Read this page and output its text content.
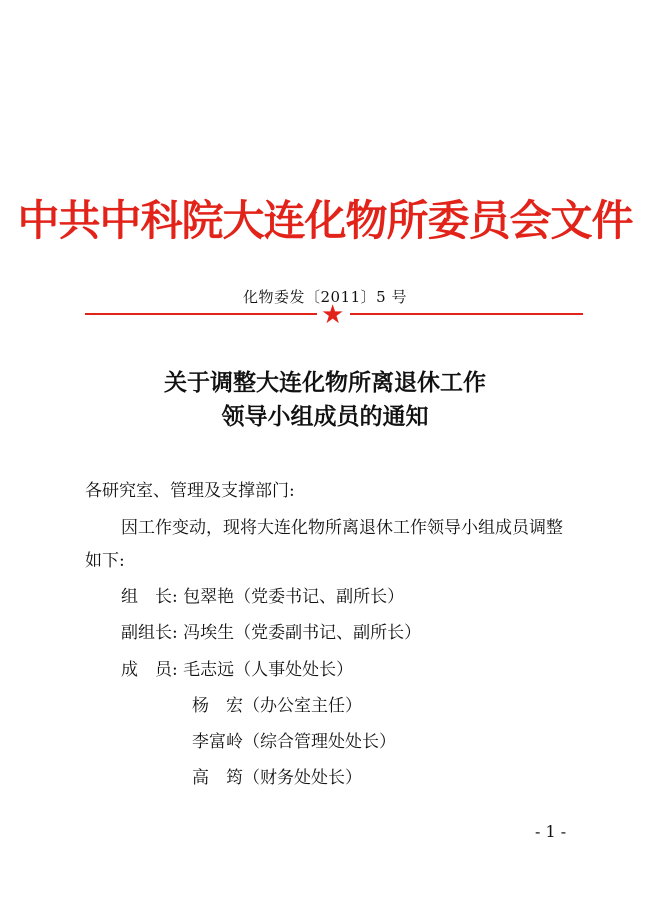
中共中科院大连化物所委员会文件
化物委发〔2011〕5 号
★
关于调整大连化物所离退休工作
领导小组成员的通知
各研究室、管理及支撑部门:
因工作变动，现将大连化物所离退休工作领导小组成员调整
如下:
组　长: 包翠艳（党委书记、副所长）
副组长: 冯埃生（党委副书记、副所长）
成　员: 毛志远（人事处处长）
杨　宏（办公室主任）
李富岭（综合管理处处长）
高　筠（财务处处长）
- 1 -
